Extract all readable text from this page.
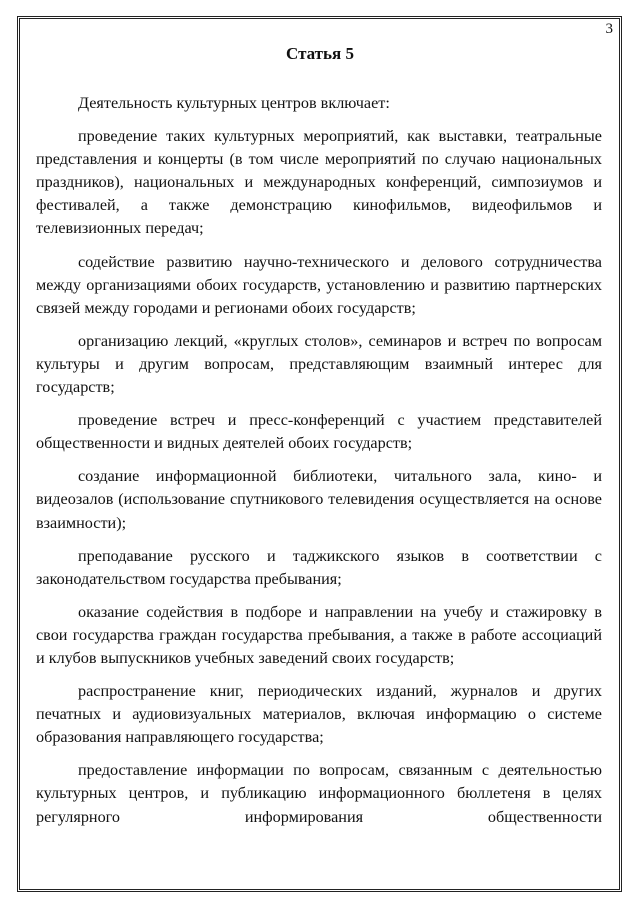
3
Статья 5

Деятельность культурных центров включает:

проведение таких культурных мероприятий, как выставки, театральные представления и концерты (в том числе мероприятий по случаю национальных праздников), национальных и международных конференций, симпозиумов и фестивалей, а также демонстрацию кинофильмов, видеофильмов и телевизионных передач;

содействие развитию научно-технического и делового сотрудничества между организациями обоих государств, установлению и развитию партнерских связей между городами и регионами обоих государств;

организацию лекций, «круглых столов», семинаров и встреч по вопросам культуры и другим вопросам, представляющим взаимный интерес для государств;

проведение встреч и пресс-конференций с участием представителей общественности и видных деятелей обоих государств;

создание информационной библиотеки, читального зала, кино- и видеозалов (использование спутникового телевидения осуществляется на основе взаимности);

преподавание русского и таджикского языков в соответствии с законодательством государства пребывания;

оказание содействия в подборе и направлении на учебу и стажировку в свои государства граждан государства пребывания, а также в работе ассоциаций и клубов выпускников учебных заведений своих государств;

распространение книг, периодических изданий, журналов и других печатных и аудиовизуальных материалов, включая информацию о системе образования направляющего государства;

предоставление информации по вопросам, связанным с деятельностью культурных центров, и публикацию информационного бюллетеня в целях регулярного информирования общественности
